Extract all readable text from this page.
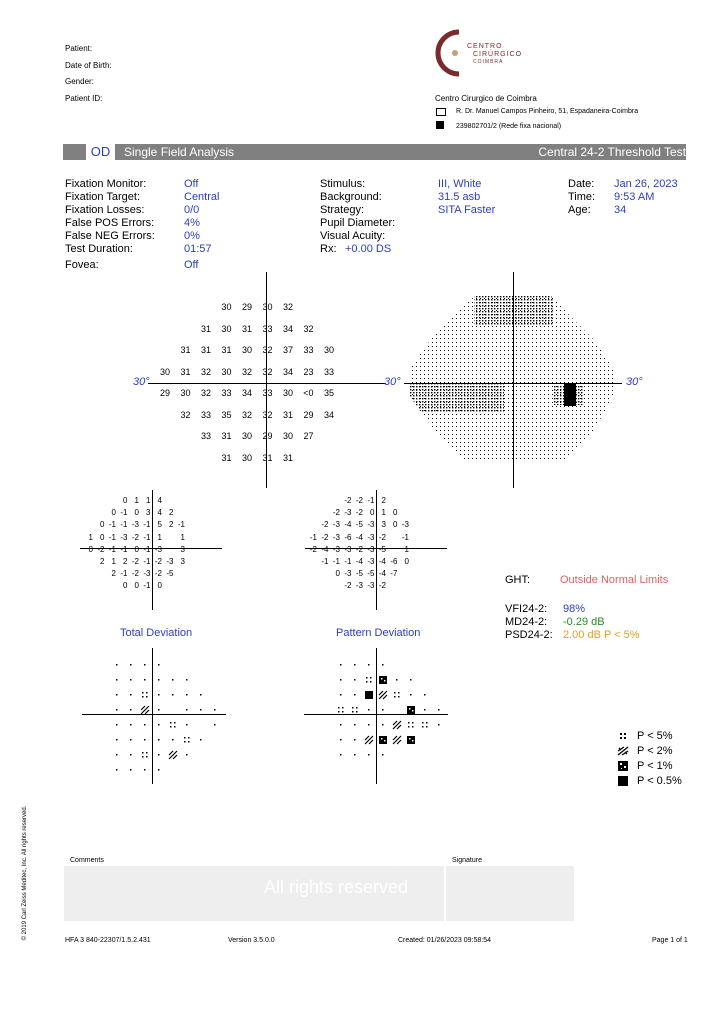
Patient:
Date of Birth:
Gender:
Patient ID:
CENTRO
CIRÚRGICO
COIMBRA
Centro Cirurgico de Coimbra
R. Dr. Manuel Campos Pinheiro, 51, Espadaneira-Coimbra
239802701/2 (Rede fixa nacional)
OD	Single Field Analysis	Central 24-2 Threshold Test
Fixation Monitor:	Off
Fixation Target:	Central
Fixation Losses:	0/0
False POS Errors:	4%
False NEG Errors:	0%
Test Duration:	01:57
Fovea:	Off
Stimulus:	III, White
Background:	31.5 asb
Strategy:	SITA Faster
Pupil Diameter:
Visual Acuity:
Rx: +0.00 DS
Date: Jan 26, 2023
Time: 9:53 AM
Age: 34
30°	30°
30	29	30	32
31	30	31	33	34	32
31	31	31	30	32	37	33	30
30	31	32	30	32	32	34	23	33
29	30	32	33	34	33	30	<0	35
32	33	35	32	32	31	29	34
33	31	30	29	30	27
31	30	31	31
30°
0 1 1 4
0 -1 0 3 4 2
0 -1 -1 -3 -1 5 2 -1
1 0 -1 -3 -2 -1 1	1
0 -2 -1 -1 0 -1 -3	3
2 1 2 -2 -1 -2 -3 3
2 -1 -2 -3 -2 -5
0 0 -1 0
Total Deviation
-2 -2 -1 2
-2 -3 -2 0 1 0
-2 -3 -4 -5 -3 3 0 -3
-1 -2 -3 -6 -4 -3 -2	-1
-2 -4 -3 -3 -2 -3 -5	1
-1 -1 -1 -4 -3 -4 -6 0
0 -3 -5 -5 -4 -7
-2 -3 -3 -2
Pattern Deviation
GHT:	Outside Normal Limits
VFI24-2: 98%
MD24-2: -0.29 dB
PSD24-2: 2.00 dB P < 5%
P < 5%
P < 2%
P < 1%
P < 0.5%
© 2019 Carl Zeiss Meditec, Inc. All rights reserved.	Comments	Signature
© 2019 Carl Zeiss Meditec, Inc.
All rights reserved
HFA 3 840-22307/1.5.2.431	Version 3.5.0.0	Created: 01/26/2023 09:58:54	Page 1 of 1
